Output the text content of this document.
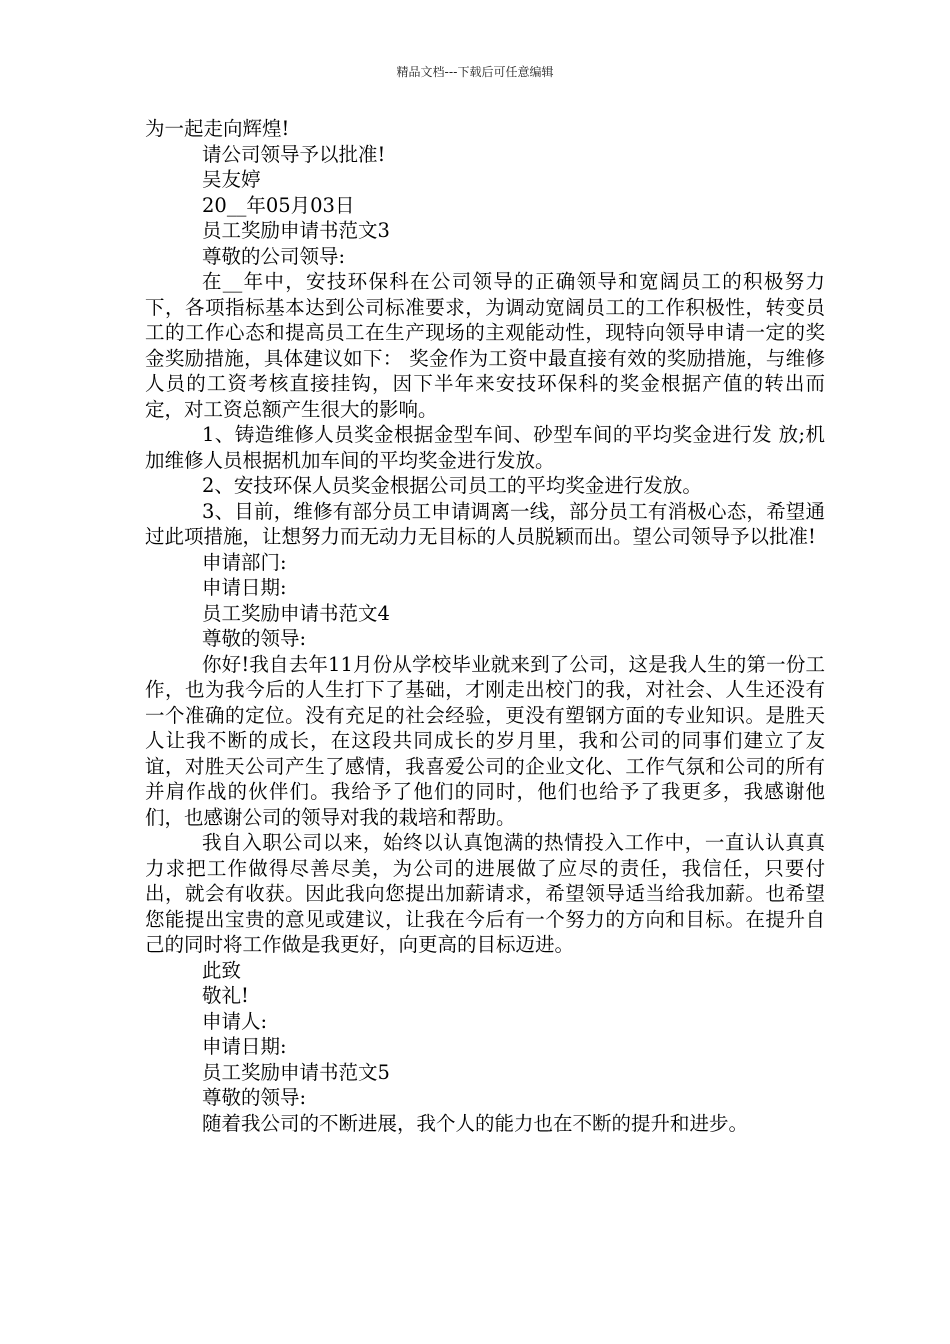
精品文档---下载后可任意编辑

为一起走向辉煌!

请公司领导予以批准!

吴友婷

20__年05月03日

员工奖励申请书范文3

尊敬的公司领导:

在__年中，安技环保科在公司领导的正确领导和宽阔员工的积极努力下，各项指标基本达到公司标准要求，为调动宽阔员工的工作积极性，转变员工的工作心态和提高员工在生产现场的主观能动性，现特向领导申请一定的奖金奖励措施，具体建议如下： 奖金作为工资中最直接有效的奖励措施，与维修人员的工资考核直接挂钩，因下半年来安技环保科的奖金根据产值的转出而定，对工资总额产生很大的影响。

1、铸造维修人员奖金根据金型车间、砂型车间的平均奖金进行发 放;机加维修人员根据机加车间的平均奖金进行发放。

2、安技环保人员奖金根据公司员工的平均奖金进行发放。

3、目前，维修有部分员工申请调离一线，部分员工有消极心态，希望通过此项措施，让想努力而无动力无目标的人员脱颖而出。望公司领导予以批准!

申请部门:

申请日期:

员工奖励申请书范文4

尊敬的领导:

你好!我自去年11月份从学校毕业就来到了公司，这是我人生的第一份工作，也为我今后的人生打下了基础，才刚走出校门的我，对社会、人生还没有一个准确的定位。没有充足的社会经验，更没有塑钢方面的专业知识。是胜天人让我不断的成长，在这段共同成长的岁月里，我和公司的同事们建立了友谊，对胜天公司产生了感情，我喜爱公司的企业文化、工作气氛和公司的所有并肩作战的伙伴们。我给予了他们的同时，他们也给予了我更多，我感谢他们，也感谢公司的领导对我的栽培和帮助。

我自入职公司以来，始终以认真饱满的热情投入工作中，一直认认真真力求把工作做得尽善尽美，为公司的进展做了应尽的责任，我信任，只要付出，就会有收获。因此我向您提出加薪请求，希望领导适当给我加薪。也希望您能提出宝贵的意见或建议，让我在今后有一个努力的方向和目标。在提升自己的同时将工作做是我更好，向更高的目标迈进。

此致

敬礼!

申请人:

申请日期:

员工奖励申请书范文5

尊敬的领导:

随着我公司的不断进展，我个人的能力也在不断的提升和进步。
